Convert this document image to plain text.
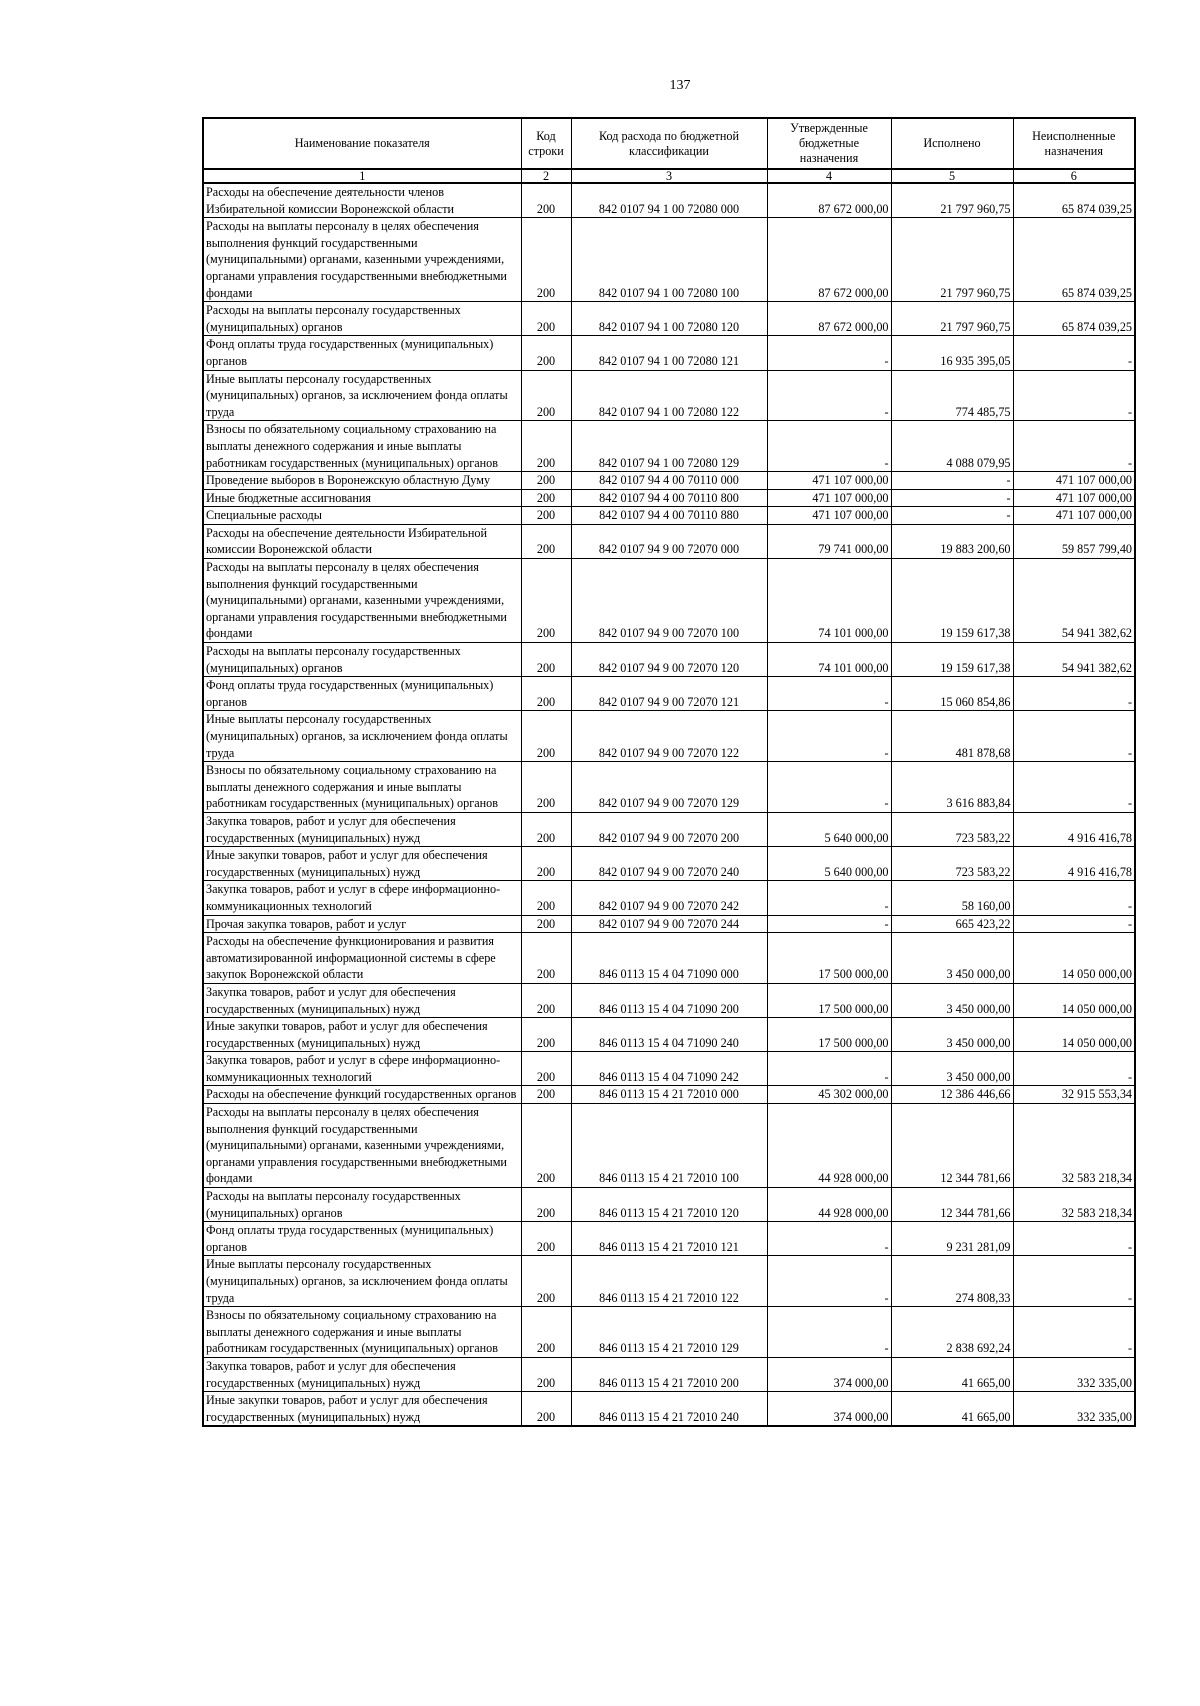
137
Наименование показателя	Код строки	Код расхода по бюджетной классификации	Утвержденные бюджетные назначения	Исполнено	Неисполненные назначения
1	2	3	4	5	6
Расходы на обеспечение деятельности членов Избирательной комиссии Воронежской области	200	842 0107 94 1 00 72080 000	87 672 000,00	21 797 960,75	65 874 039,25
Расходы на выплаты персоналу в целях обеспечения выполнения функций государственными (муниципальными) органами, казенными учреждениями, органами управления государственными внебюджетными фондами	200	842 0107 94 1 00 72080 100	87 672 000,00	21 797 960,75	65 874 039,25
Расходы на выплаты персоналу государственных (муниципальных) органов	200	842 0107 94 1 00 72080 120	87 672 000,00	21 797 960,75	65 874 039,25
Фонд оплаты труда государственных (муниципальных) органов	200	842 0107 94 1 00 72080 121	-	16 935 395,05	-
Иные выплаты персоналу государственных (муниципальных) органов, за исключением фонда оплаты труда	200	842 0107 94 1 00 72080 122	-	774 485,75	-
Взносы по обязательному социальному страхованию на выплаты денежного содержания и иные выплаты работникам государственных (муниципальных) органов	200	842 0107 94 1 00 72080 129	-	4 088 079,95	-
Проведение выборов в Воронежскую областную Думу	200	842 0107 94 4 00 70110 000	471 107 000,00	-	471 107 000,00
Иные бюджетные ассигнования	200	842 0107 94 4 00 70110 800	471 107 000,00	-	471 107 000,00
Специальные расходы	200	842 0107 94 4 00 70110 880	471 107 000,00	-	471 107 000,00
Расходы на обеспечение деятельности Избирательной комиссии Воронежской области	200	842 0107 94 9 00 72070 000	79 741 000,00	19 883 200,60	59 857 799,40
Расходы на выплаты персоналу в целях обеспечения выполнения функций государственными (муниципальными) органами, казенными учреждениями, органами управления государственными внебюджетными фондами	200	842 0107 94 9 00 72070 100	74 101 000,00	19 159 617,38	54 941 382,62
Расходы на выплаты персоналу государственных (муниципальных) органов	200	842 0107 94 9 00 72070 120	74 101 000,00	19 159 617,38	54 941 382,62
Фонд оплаты труда государственных (муниципальных) органов	200	842 0107 94 9 00 72070 121	-	15 060 854,86	-
Иные выплаты персоналу государственных (муниципальных) органов, за исключением фонда оплаты труда	200	842 0107 94 9 00 72070 122	-	481 878,68	-
Взносы по обязательному социальному страхованию на выплаты денежного содержания и иные выплаты работникам государственных (муниципальных) органов	200	842 0107 94 9 00 72070 129	-	3 616 883,84	-
Закупка товаров, работ и услуг для обеспечения государственных (муниципальных) нужд	200	842 0107 94 9 00 72070 200	5 640 000,00	723 583,22	4 916 416,78
Иные закупки товаров, работ и услуг для обеспечения государственных (муниципальных) нужд	200	842 0107 94 9 00 72070 240	5 640 000,00	723 583,22	4 916 416,78
Закупка товаров, работ и услуг в сфере информационно-коммуникационных технологий	200	842 0107 94 9 00 72070 242	-	58 160,00	-
Прочая закупка товаров, работ и услуг	200	842 0107 94 9 00 72070 244	-	665 423,22	-
Расходы на обеспечение функционирования и развития автоматизированной информационной системы в сфере закупок Воронежской области	200	846 0113 15 4 04 71090 000	17 500 000,00	3 450 000,00	14 050 000,00
Закупка товаров, работ и услуг для обеспечения государственных (муниципальных) нужд	200	846 0113 15 4 04 71090 200	17 500 000,00	3 450 000,00	14 050 000,00
Иные закупки товаров, работ и услуг для обеспечения государственных (муниципальных) нужд	200	846 0113 15 4 04 71090 240	17 500 000,00	3 450 000,00	14 050 000,00
Закупка товаров, работ и услуг в сфере информационно-коммуникационных технологий	200	846 0113 15 4 04 71090 242	-	3 450 000,00	-
Расходы на обеспечение функций государственных органов	200	846 0113 15 4 21 72010 000	45 302 000,00	12 386 446,66	32 915 553,34
Расходы на выплаты персоналу в целях обеспечения выполнения функций государственными (муниципальными) органами, казенными учреждениями, органами управления государственными внебюджетными фондами	200	846 0113 15 4 21 72010 100	44 928 000,00	12 344 781,66	32 583 218,34
Расходы на выплаты персоналу государственных (муниципальных) органов	200	846 0113 15 4 21 72010 120	44 928 000,00	12 344 781,66	32 583 218,34
Фонд оплаты труда государственных (муниципальных) органов	200	846 0113 15 4 21 72010 121	-	9 231 281,09	-
Иные выплаты персоналу государственных (муниципальных) органов, за исключением фонда оплаты труда	200	846 0113 15 4 21 72010 122	-	274 808,33	-
Взносы по обязательному социальному страхованию на выплаты денежного содержания и иные выплаты работникам государственных (муниципальных) органов	200	846 0113 15 4 21 72010 129	-	2 838 692,24	-
Закупка товаров, работ и услуг для обеспечения государственных (муниципальных) нужд	200	846 0113 15 4 21 72010 200	374 000,00	41 665,00	332 335,00
Иные закупки товаров, работ и услуг для обеспечения государственных (муниципальных) нужд	200	846 0113 15 4 21 72010 240	374 000,00	41 665,00	332 335,00
